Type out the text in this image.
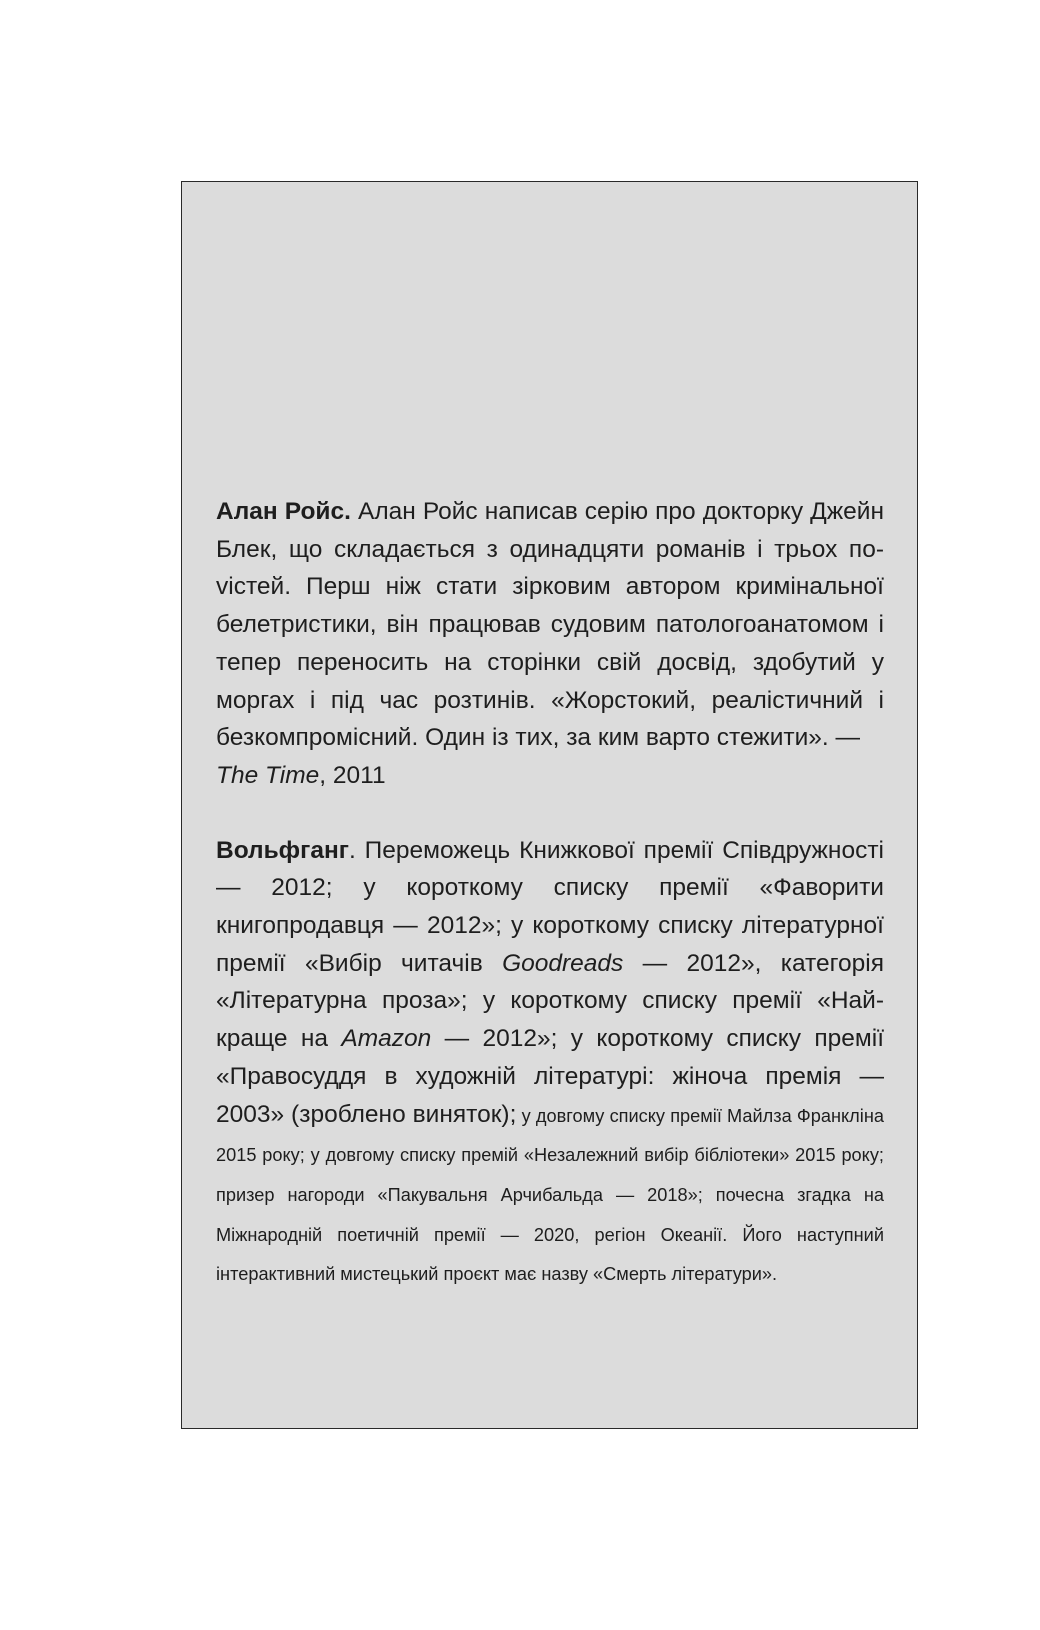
Алан Ройс. Алан Ройс написав серію про докторку Джейн Блек, що складається з одинадцяти романів і трьох поvістей. Перш ніж стати зірковим автором кримінальної белетристики, він працював судовим патологоанатомом і тепер переносить на сторінки свій досвід, здобутий у моргах і під час розтинів. «Жорстокий, реалістичний і безкомпромісний. Один із тих, за ким варто стежити». —
The Time, 2011

Вольфганг. Переможець Книжкової премії Співдружності — 2012; у короткому списку премії «Фаворити книгопродавця — 2012»; у короткому списку літературної премії «Вибір читачів Goodreads — 2012», категорія «Літературна проза»; у короткому списку премії «Найкраще на Amazon — 2012»; у короткому списку премії «Правосуддя в художній літературі: жіноча премія — 2003» (зроблено виняток); у довгому списку премії Майлза Франкліна 2015 року; у довгому списку премій «Незалежний вибір бібліотеки» 2015 року; призер нагороди «Пакувальня Арчибальда — 2018»; почесна згадка на Міжнародній поетичній премії — 2020, регіон Океанії. Його наступний інтерактивний мистецький проєкт має назву «Смерть літератури».
